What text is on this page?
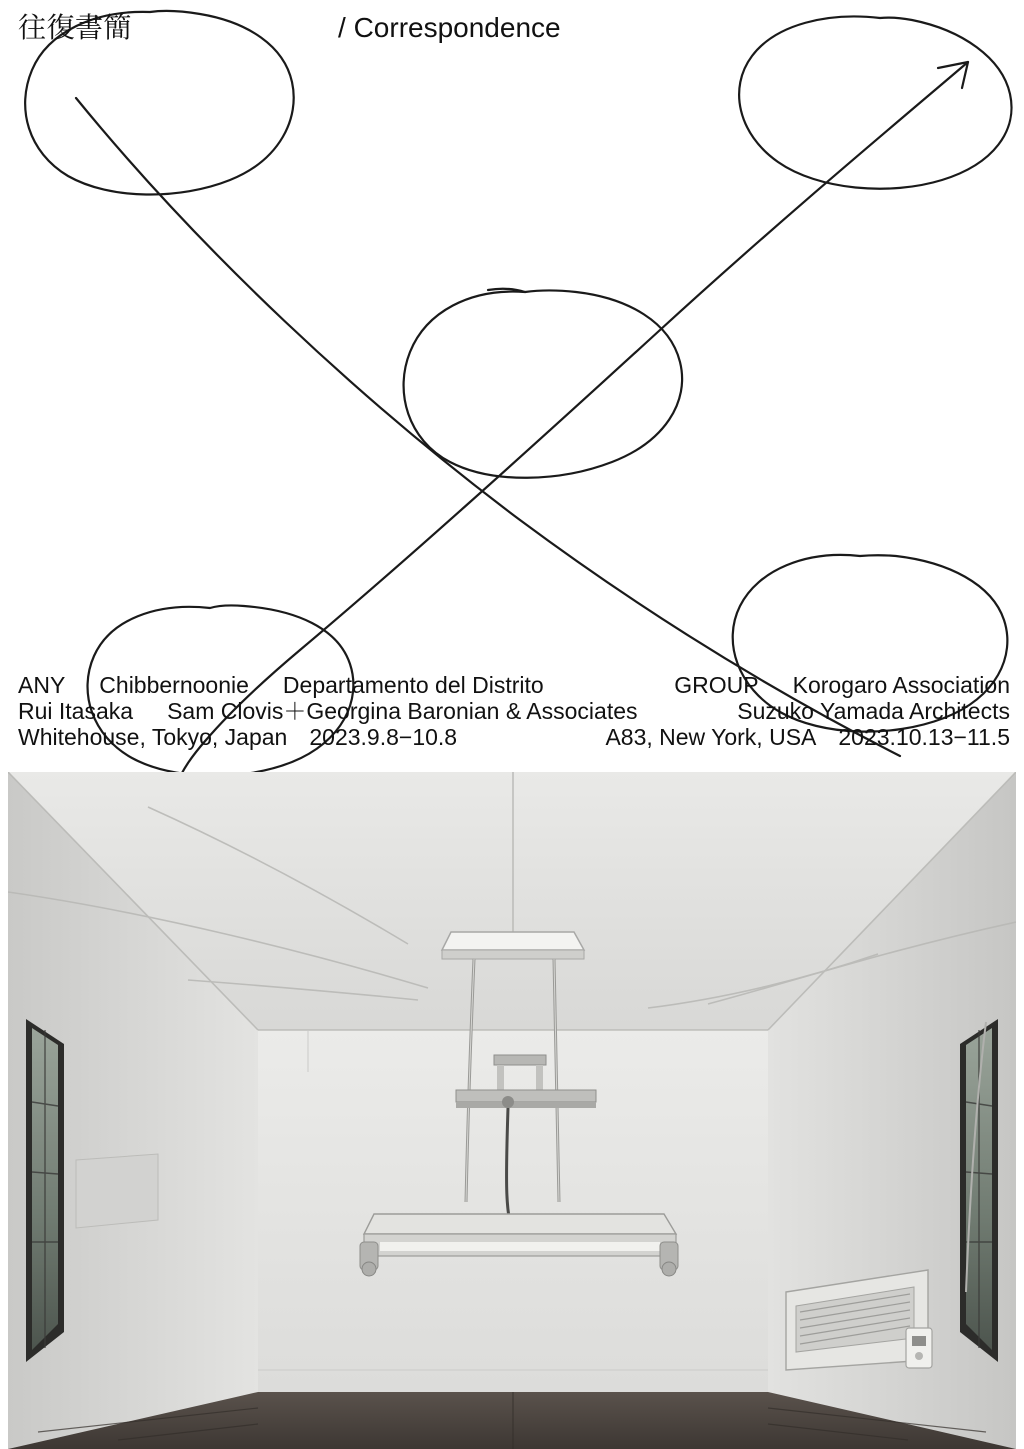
往復書簡	/ Correspondence
ANY Chibbernoonie Departamento del Distrito	GROUP Korogaro Association
Rui Itasaka Sam Clovis＋Georgina Baronian & Associates	Suzuko Yamada Architects
Whitehouse, Tokyo, Japan 2023.9.8−10.8	A83, New York, USA 2023.10.13−11.5
